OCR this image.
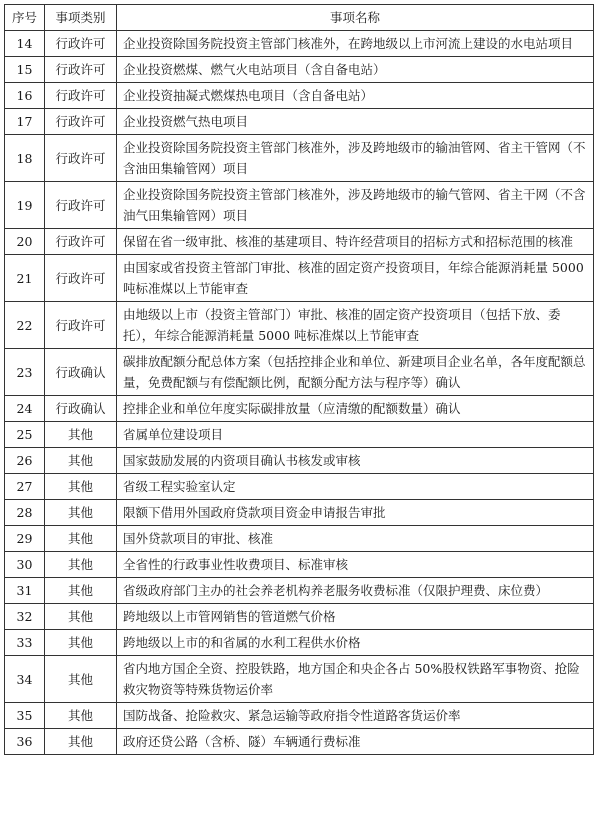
序号	事项类别	事项名称
14	行政许可	企业投资除国务院投资主管部门核准外，在跨地级以上市河流上建设的水电站项目
15	行政许可	企业投资燃煤、燃气火电站项目（含自备电站）
16	行政许可	企业投资抽凝式燃煤热电项目（含自备电站）
17	行政许可	企业投资燃气热电项目
18	行政许可	企业投资除国务院投资主管部门核准外，涉及跨地级市的输油管网、省主干管网（不含油田集输管网）项目
19	行政许可	企业投资除国务院投资主管部门核准外，涉及跨地级市的输气管网、省主干网（不含油气田集输管网）项目
20	行政许可	保留在省一级审批、核准的基建项目、特许经营项目的招标方式和招标范围的核准
21	行政许可	由国家或省投资主管部门审批、核准的固定资产投资项目，年综合能源消耗量 5000 吨标准煤以上节能审查
22	行政许可	由地级以上市（投资主管部门）审批、核准的固定资产投资项目（包括下放、委托），年综合能源消耗量 5000 吨标准煤以上节能审查
23	行政确认	碳排放配额分配总体方案（包括控排企业和单位、新建项目企业名单，各年度配额总量，免费配额与有偿配额比例，配额分配方法与程序等）确认
24	行政确认	控排企业和单位年度实际碳排放量（应清缴的配额数量）确认
25	其他	省属单位建设项目
26	其他	国家鼓励发展的内资项目确认书核发或审核
27	其他	省级工程实验室认定
28	其他	限额下借用外国政府贷款项目资金申请报告审批
29	其他	国外贷款项目的审批、核准
30	其他	全省性的行政事业性收费项目、标准审核
31	其他	省级政府部门主办的社会养老机构养老服务收费标准（仅限护理费、床位费）
32	其他	跨地级以上市管网销售的管道燃气价格
33	其他	跨地级以上市的和省属的水利工程供水价格
34	其他	省内地方国企全资、控股铁路，地方国企和央企各占 50%股权铁路军事物资、抢险救灾物资等特殊货物运价率
35	其他	国防战备、抢险救灾、紧急运输等政府指令性道路客货运价率
36	其他	政府还贷公路（含桥、隧）车辆通行费标准
